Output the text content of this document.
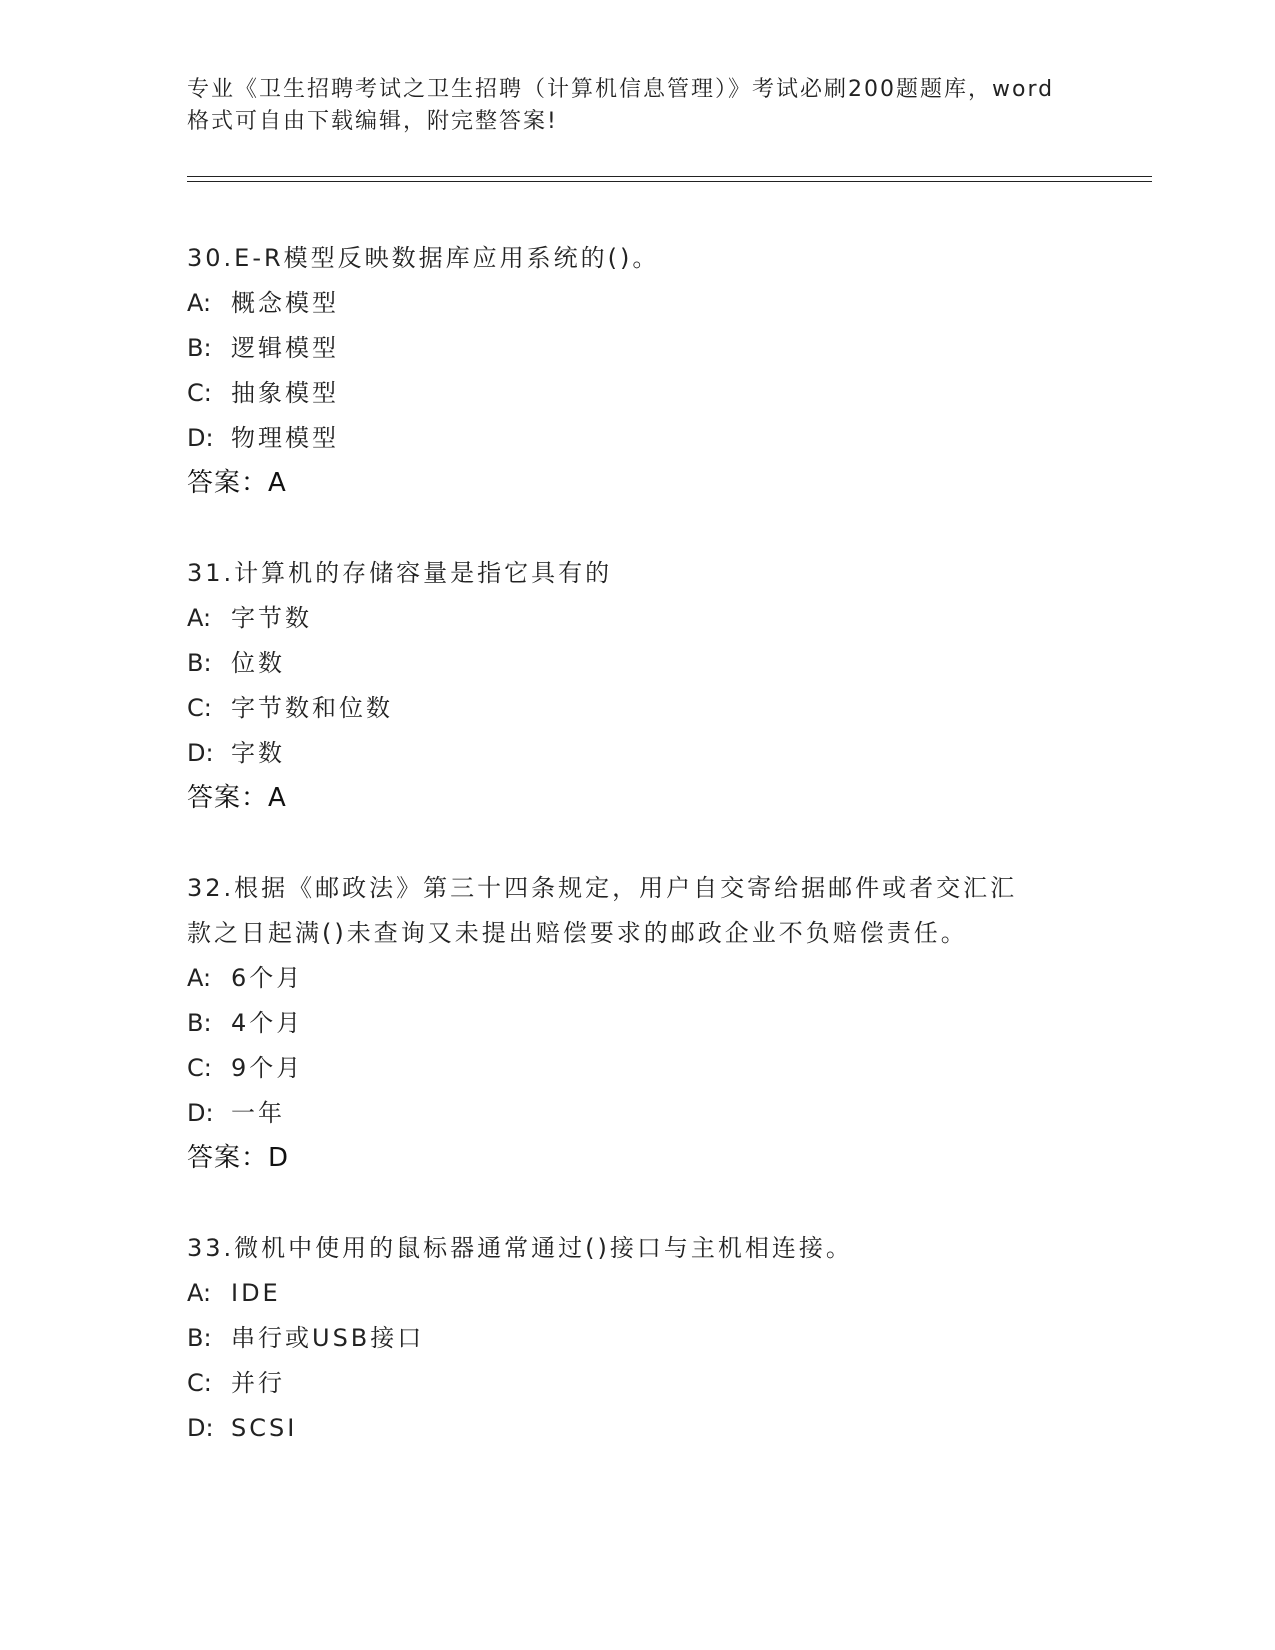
专业《卫生招聘考试之卫生招聘（计算机信息管理）》考试必刷200题题库，word
格式可自由下载编辑，附完整答案!
30.E-R模型反映数据库应用系统的()。
A: 概念模型
B: 逻辑模型
C: 抽象模型
D: 物理模型
答案：A
31.计算机的存储容量是指它具有的
A: 字节数
B: 位数
C: 字节数和位数
D: 字数
答案：A
32.根据《邮政法》第三十四条规定，用户自交寄给据邮件或者交汇汇
款之日起满()未查询又未提出赔偿要求的邮政企业不负赔偿责任。
A: 6个月
B: 4个月
C: 9个月
D: 一年
答案：D
33.微机中使用的鼠标器通常通过()接口与主机相连接。
A: IDE
B: 串行或USB接口
C: 并行
D: SCSI
